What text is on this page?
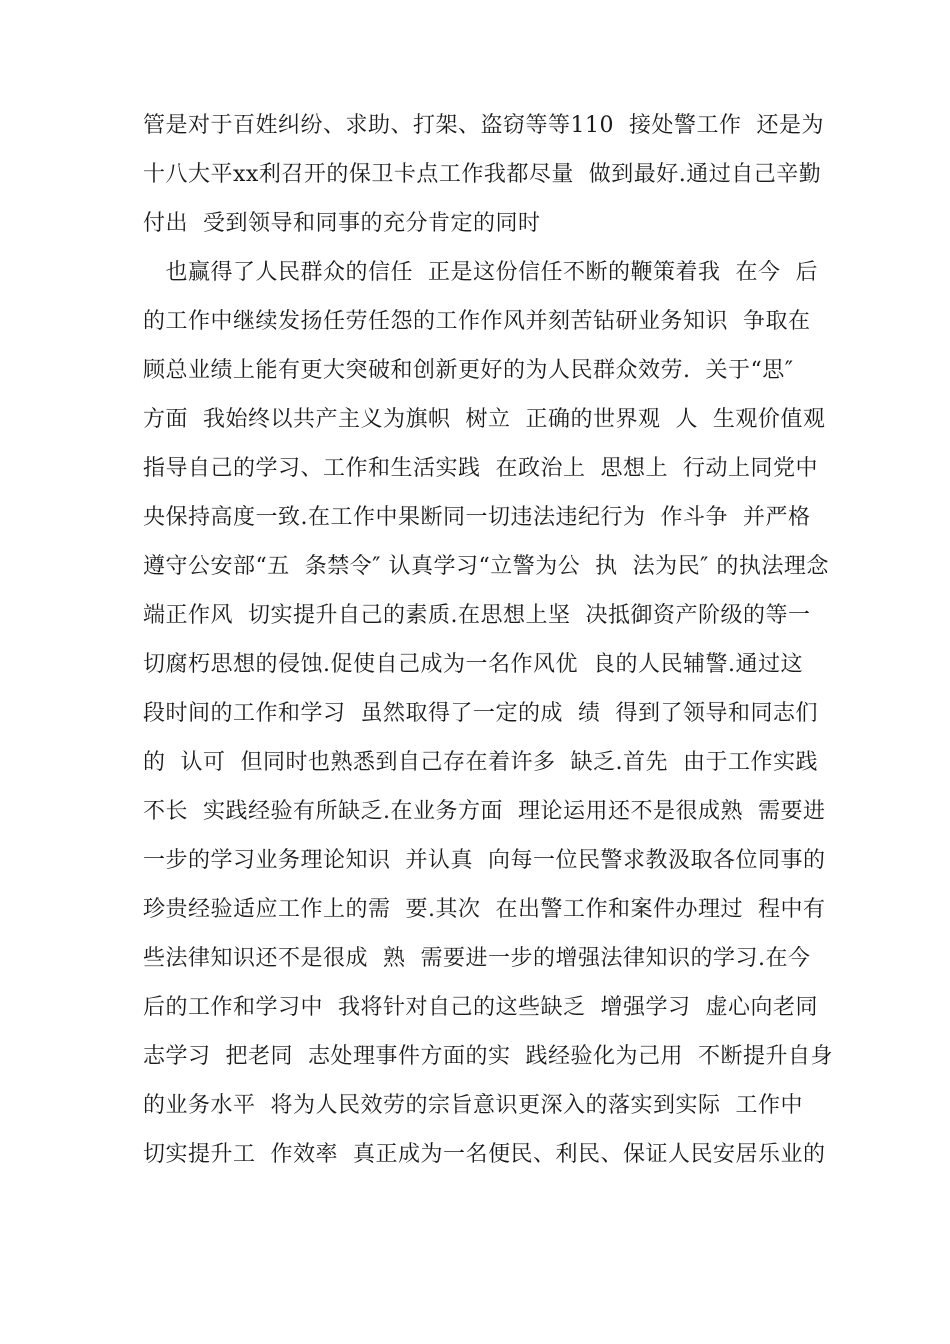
管是对于百姓纠纷、求助、打架、盗窃等等110  接处警工作  还是为
十八大平xx利召开的保卫卡点工作我都尽量  做到最好.通过自己辛勤
付出  受到领导和同事的充分肯定的同时
也赢得了人民群众的信任  正是这份信任不断的鞭策着我  在今  后
的工作中继续发扬任劳任怨的工作作风并刻苦钻研业务知识  争取在
顾总业绩上能有更大突破和创新更好的为人民群众效劳.  关于“思″
方面  我始终以共产主义为旗帜  树立  正确的世界观  人  生观价值观
指导自己的学习、工作和生活实践  在政治上  思想上  行动上同党中
央保持高度一致.在工作中果断同一切违法违纪行为  作斗争  并严格
遵守公安部“五  条禁令″ 认真学习“立警为公  执  法为民″ 的执法理念
端正作风  切实提升自己的素质.在思想上坚  决抵御资产阶级的等一
切腐朽思想的侵蚀.促使自己成为一名作风优  良的人民辅警.通过这
段时间的工作和学习  虽然取得了一定的成  绩  得到了领导和同志们
的  认可  但同时也熟悉到自己存在着许多  缺乏.首先  由于工作实践
不长  实践经验有所缺乏.在业务方面  理论运用还不是很成熟  需要进
一步的学习业务理论知识  并认真  向每一位民警求教汲取各位同事的
珍贵经验适应工作上的需  要.其次  在出警工作和案件办理过  程中有
些法律知识还不是很成  熟  需要进一步的增强法律知识的学习.在今
后的工作和学习中  我将针对自己的这些缺乏  增强学习  虚心向老同
志学习  把老同  志处理事件方面的实  践经验化为己用  不断提升自身
的业务水平  将为人民效劳的宗旨意识更深入的落实到实际  工作中
切实提升工  作效率  真正成为一名便民、利民、保证人民安居乐业的
